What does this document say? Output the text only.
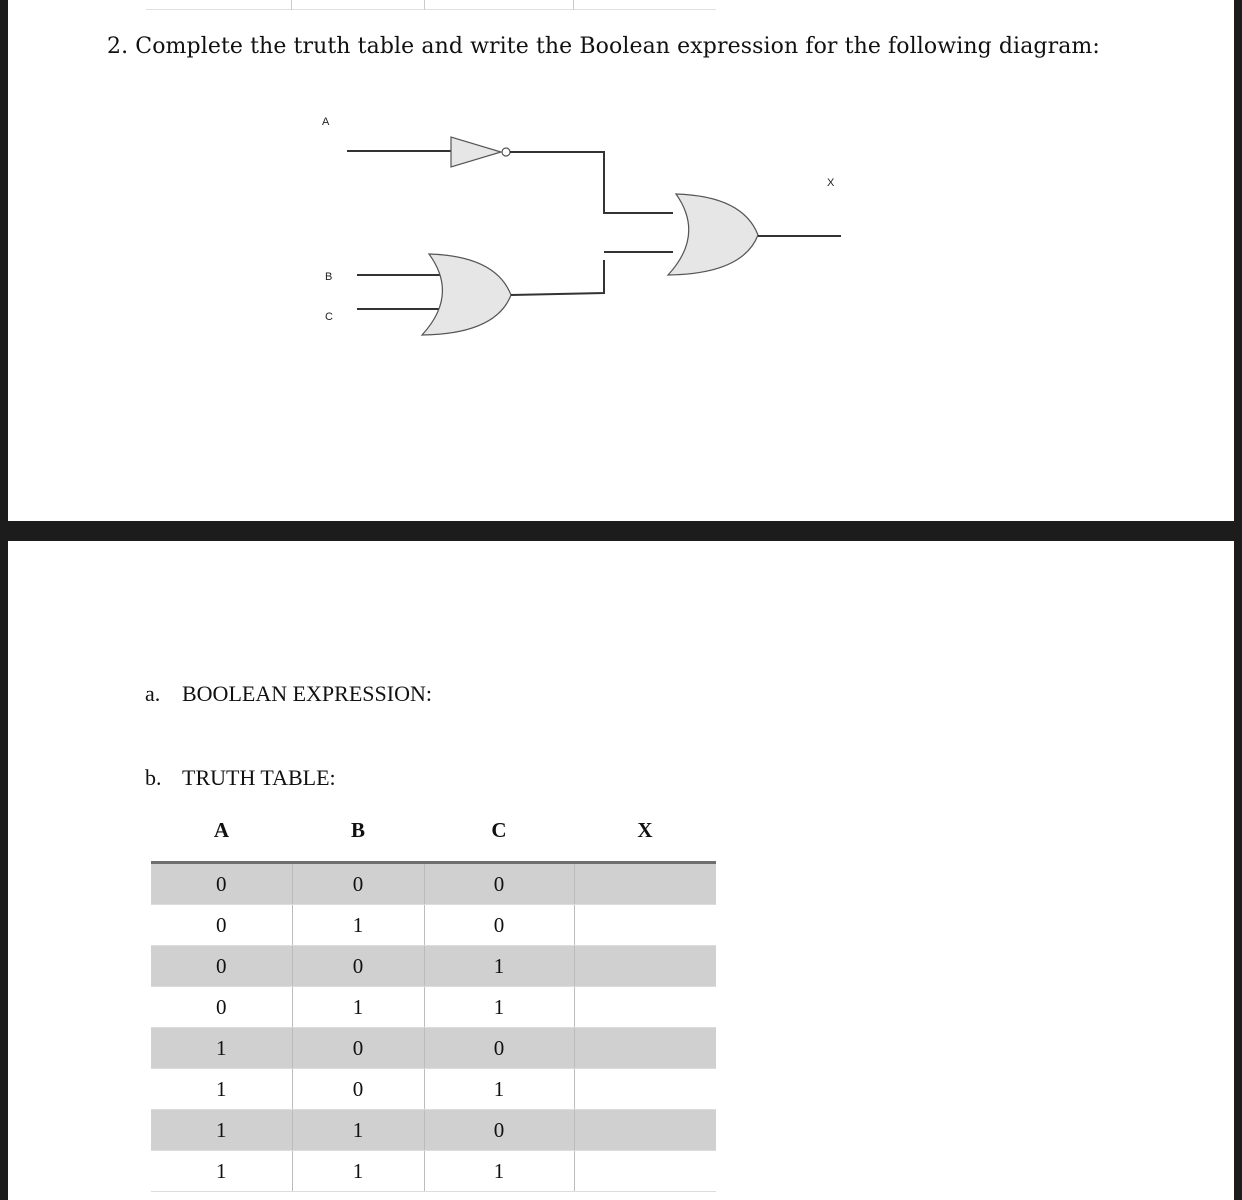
2. Complete the truth table and write the Boolean expression for the following diagram:
A
B
C
X
a. BOOLEAN EXPRESSION:
b. TRUTH TABLE:
A	B	C	X
0	0	0	
0	1	0	
0	0	1	
0	1	1	
1	0	0	
1	0	1	
1	1	0	
1	1	1	
